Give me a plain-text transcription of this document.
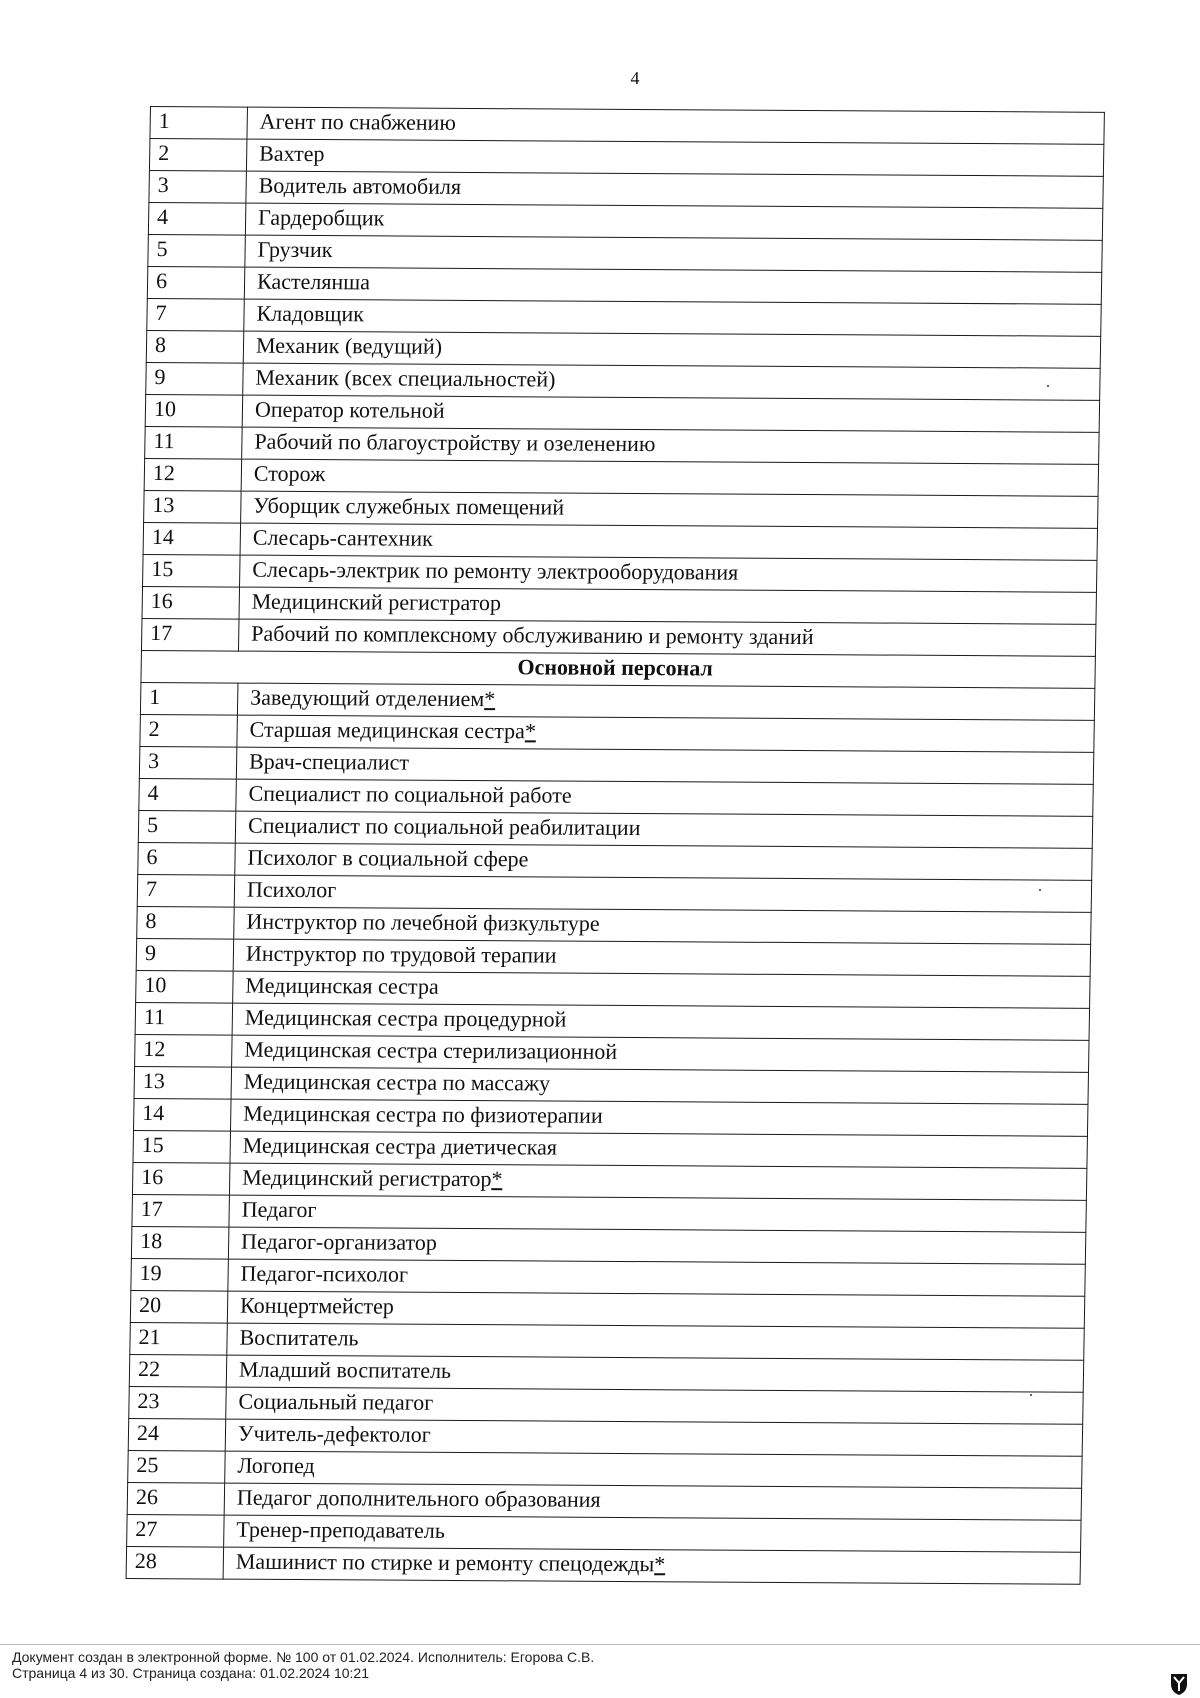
4
1	Агент по снабжению
2	Вахтер
3	Водитель автомобиля
4	Гардеробщик
5	Грузчик
6	Кастелянша
7	Кладовщик
8	Механик (ведущий)
9	Механик (всех специальностей)
10	Оператор котельной
11	Рабочий по благоустройству и озеленению
12	Сторож
13	Уборщик служебных помещений
14	Слесарь-сантехник
15	Слесарь-электрик по ремонту электрооборудования
16	Медицинский регистратор
17	Рабочий по комплексному обслуживанию и ремонту зданий
Основной персонал	
1	Заведующий отделением*
2	Старшая медицинская сестра*
3	Врач-специалист
4	Специалист по социальной работе
5	Специалист по социальной реабилитации
6	Психолог в социальной сфере
7	Психолог
8	Инструктор по лечебной физкультуре
9	Инструктор по трудовой терапии
10	Медицинская сестра
11	Медицинская сестра процедурной
12	Медицинская сестра стерилизационной
13	Медицинская сестра по массажу
14	Медицинская сестра по физиотерапии
15	Медицинская сестра диетическая
16	Медицинский регистратор*
17	Педагог
18	Педагог-организатор
19	Педагог-психолог
20	Концертмейстер
21	Воспитатель
22	Младший воспитатель
23	Социальный педагог
24	Учитель-дефектолог
25	Логопед
26	Педагог дополнительного образования
27	Тренер-преподаватель
28	Машинист по стирке и ремонту спецодежды*
Документ создан в электронной форме. № 100 от 01.02.2024. Исполнитель: Егорова С.В.
Страница 4 из 30. Страница создана: 01.02.2024 10:21
